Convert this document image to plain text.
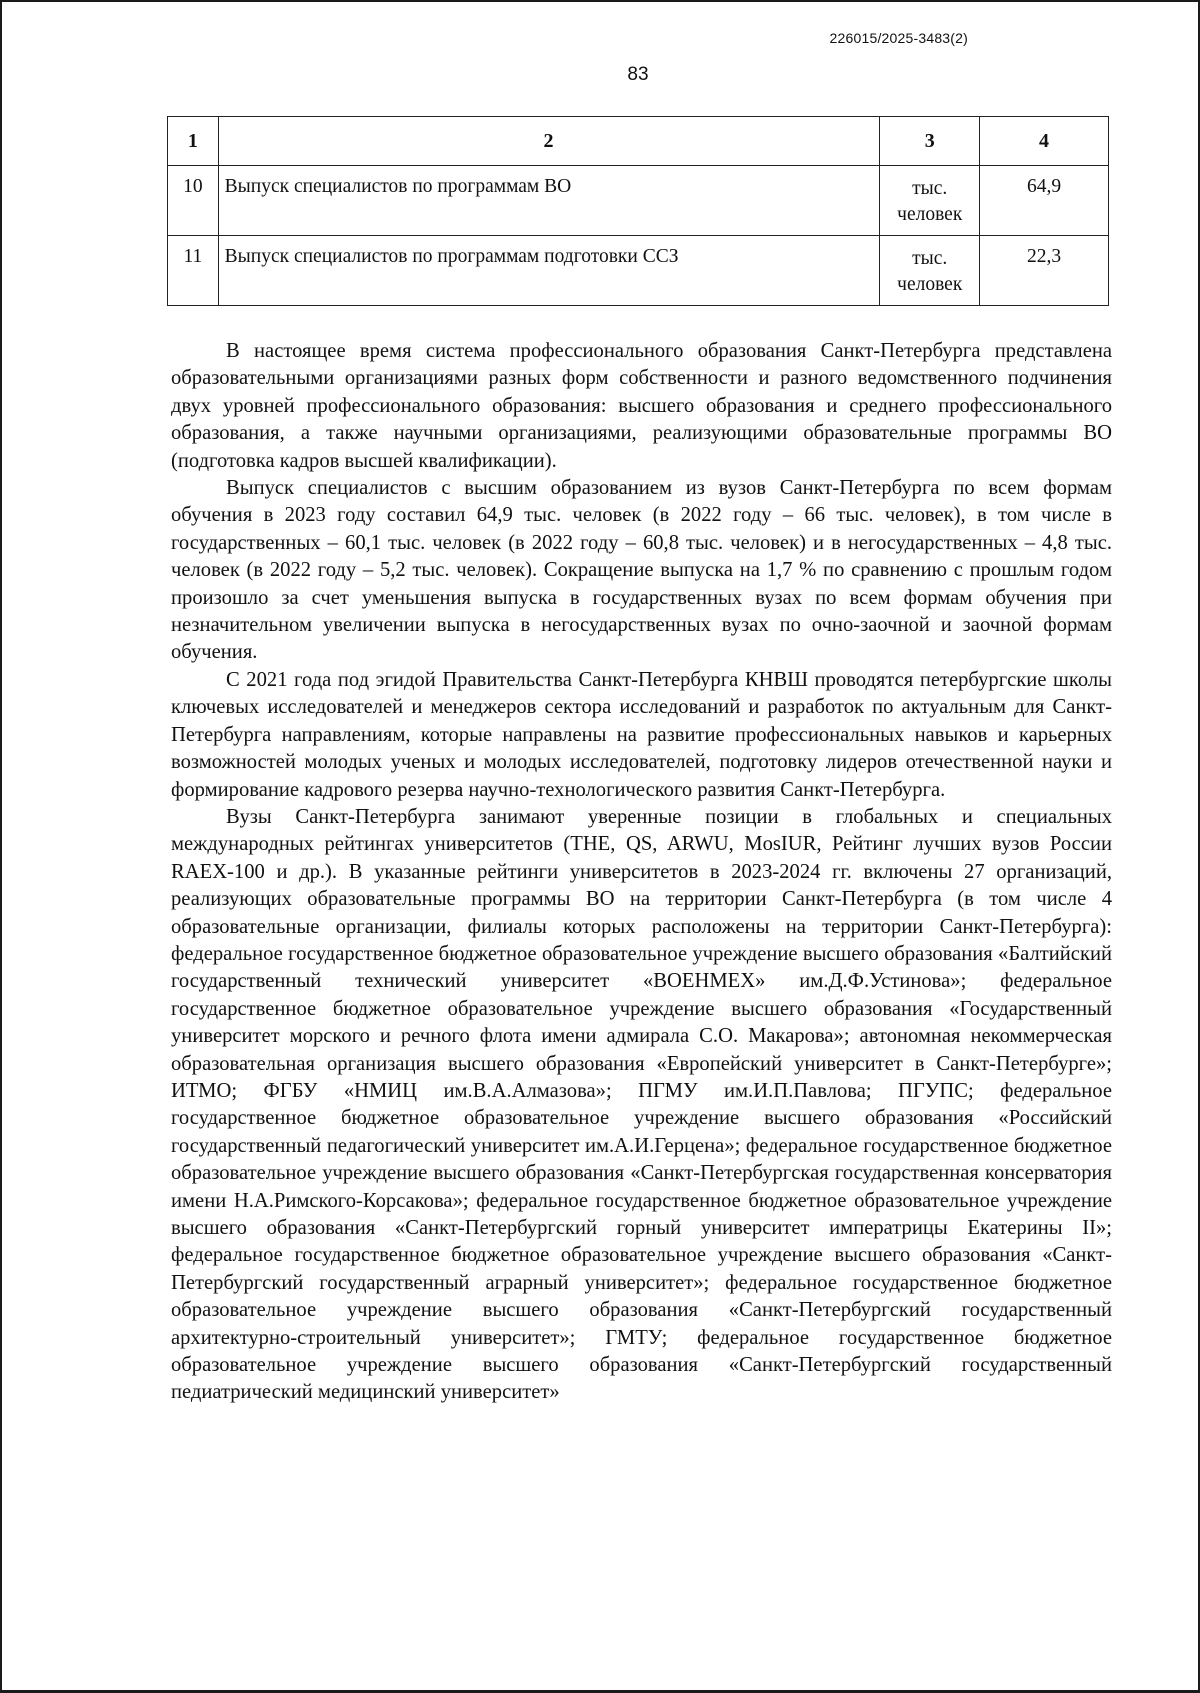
226015/2025-3483(2)
83
1	2	3	4
10	Выпуск специалистов по программам ВО	тыс. человек	64,9
11	Выпуск специалистов по программам подготовки ССЗ	тыс. человек	22,3

В настоящее время система профессионального образования Санкт-Петербурга представлена образовательными организациями разных форм собственности и разного ведомственного подчинения двух уровней профессионального образования: высшего образования и среднего профессионального образования, а также научными организациями, реализующими образовательные программы ВО (подготовка кадров высшей квалификации).

Выпуск специалистов с высшим образованием из вузов Санкт-Петербурга по всем формам обучения в 2023 году составил 64,9 тыс. человек (в 2022 году – 66 тыс. человек), в том числе в государственных – 60,1 тыс. человек (в 2022 году – 60,8 тыс. человек) и в негосударственных – 4,8 тыс. человек (в 2022 году – 5,2 тыс. человек). Сокращение выпуска на 1,7 % по сравнению с прошлым годом произошло за счет уменьшения выпуска в государственных вузах по всем формам обучения при незначительном увеличении выпуска в негосударственных вузах по очно-заочной и заочной формам обучения.

С 2021 года под эгидой Правительства Санкт-Петербурга КНВШ проводятся петербургские школы ключевых исследователей и менеджеров сектора исследований и разработок по актуальным для Санкт-Петербурга направлениям, которые направлены на развитие профессиональных навыков и карьерных возможностей молодых ученых и молодых исследователей, подготовку лидеров отечественной науки и формирование кадрового резерва научно-технологического развития Санкт-Петербурга.

Вузы Санкт-Петербурга занимают уверенные позиции в глобальных и специальных международных рейтингах университетов (THE, QS, ARWU, MosIUR, Рейтинг лучших вузов России RAEX-100 и др.). В указанные рейтинги университетов в 2023-2024 гг. включены 27 организаций, реализующих образовательные программы ВО на территории Санкт-Петербурга (в том числе 4 образовательные организации, филиалы которых расположены на территории Санкт-Петербурга): федеральное государственное бюджетное образовательное учреждение высшего образования «Балтийский государственный технический университет «ВОЕНМЕХ» им.Д.Ф.Устинова»; федеральное государственное бюджетное образовательное учреждение высшего образования «Государственный университет морского и речного флота имени адмирала С.О. Макарова»; автономная некоммерческая образовательная организация высшего образования «Европейский университет в Санкт-Петербурге»; ИТМО; ФГБУ «НМИЦ им.В.А.Алмазова»; ПГМУ им.И.П.Павлова; ПГУПС; федеральное государственное бюджетное образовательное учреждение высшего образования «Российский государственный педагогический университет им.А.И.Герцена»; федеральное государственное бюджетное образовательное учреждение высшего образования «Санкт-Петербургская государственная консерватория имени Н.А.Римского-Корсакова»; федеральное государственное бюджетное образовательное учреждение высшего образования «Санкт-Петербургский горный университет императрицы Екатерины II»; федеральное государственное бюджетное образовательное учреждение высшего образования «Санкт-Петербургский государственный аграрный университет»; федеральное государственное бюджетное образовательное учреждение высшего образования «Санкт-Петербургский государственный архитектурно-строительный университет»; ГМТУ; федеральное государственное бюджетное образовательное учреждение высшего образования «Санкт-Петербургский государственный педиатрический медицинский университет»
